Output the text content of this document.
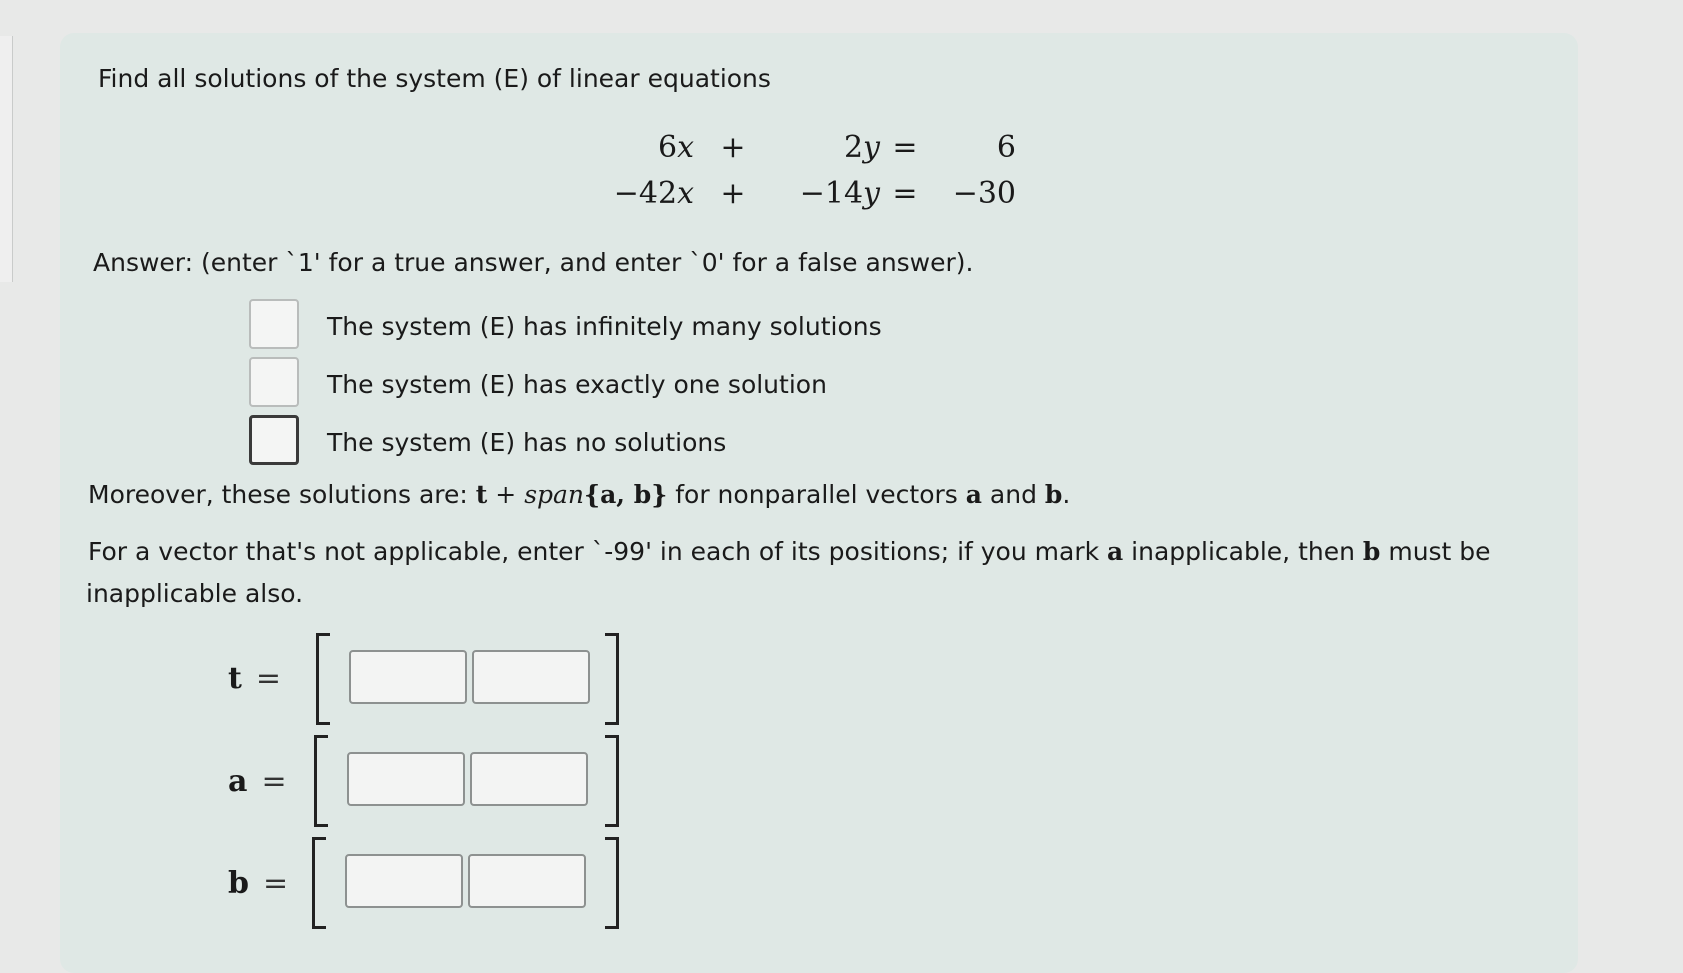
Find all solutions of the system (E) of linear equations
6x +	2y =	6
−42x +	−14y =	−30
Answer: (enter `1' for a true answer, and enter `0' for a false answer).
The system (E) has infinitely many solutions
The system (E) has exactly one solution
The system (E) has no solutions
Moreover, these solutions are: t + span{a, b} for nonparallel vectors a and b.
For a vector that's not applicable, enter `-99' in each of its positions; if you mark a inapplicable, then b must be
inapplicable also.
t =
a =
b =
